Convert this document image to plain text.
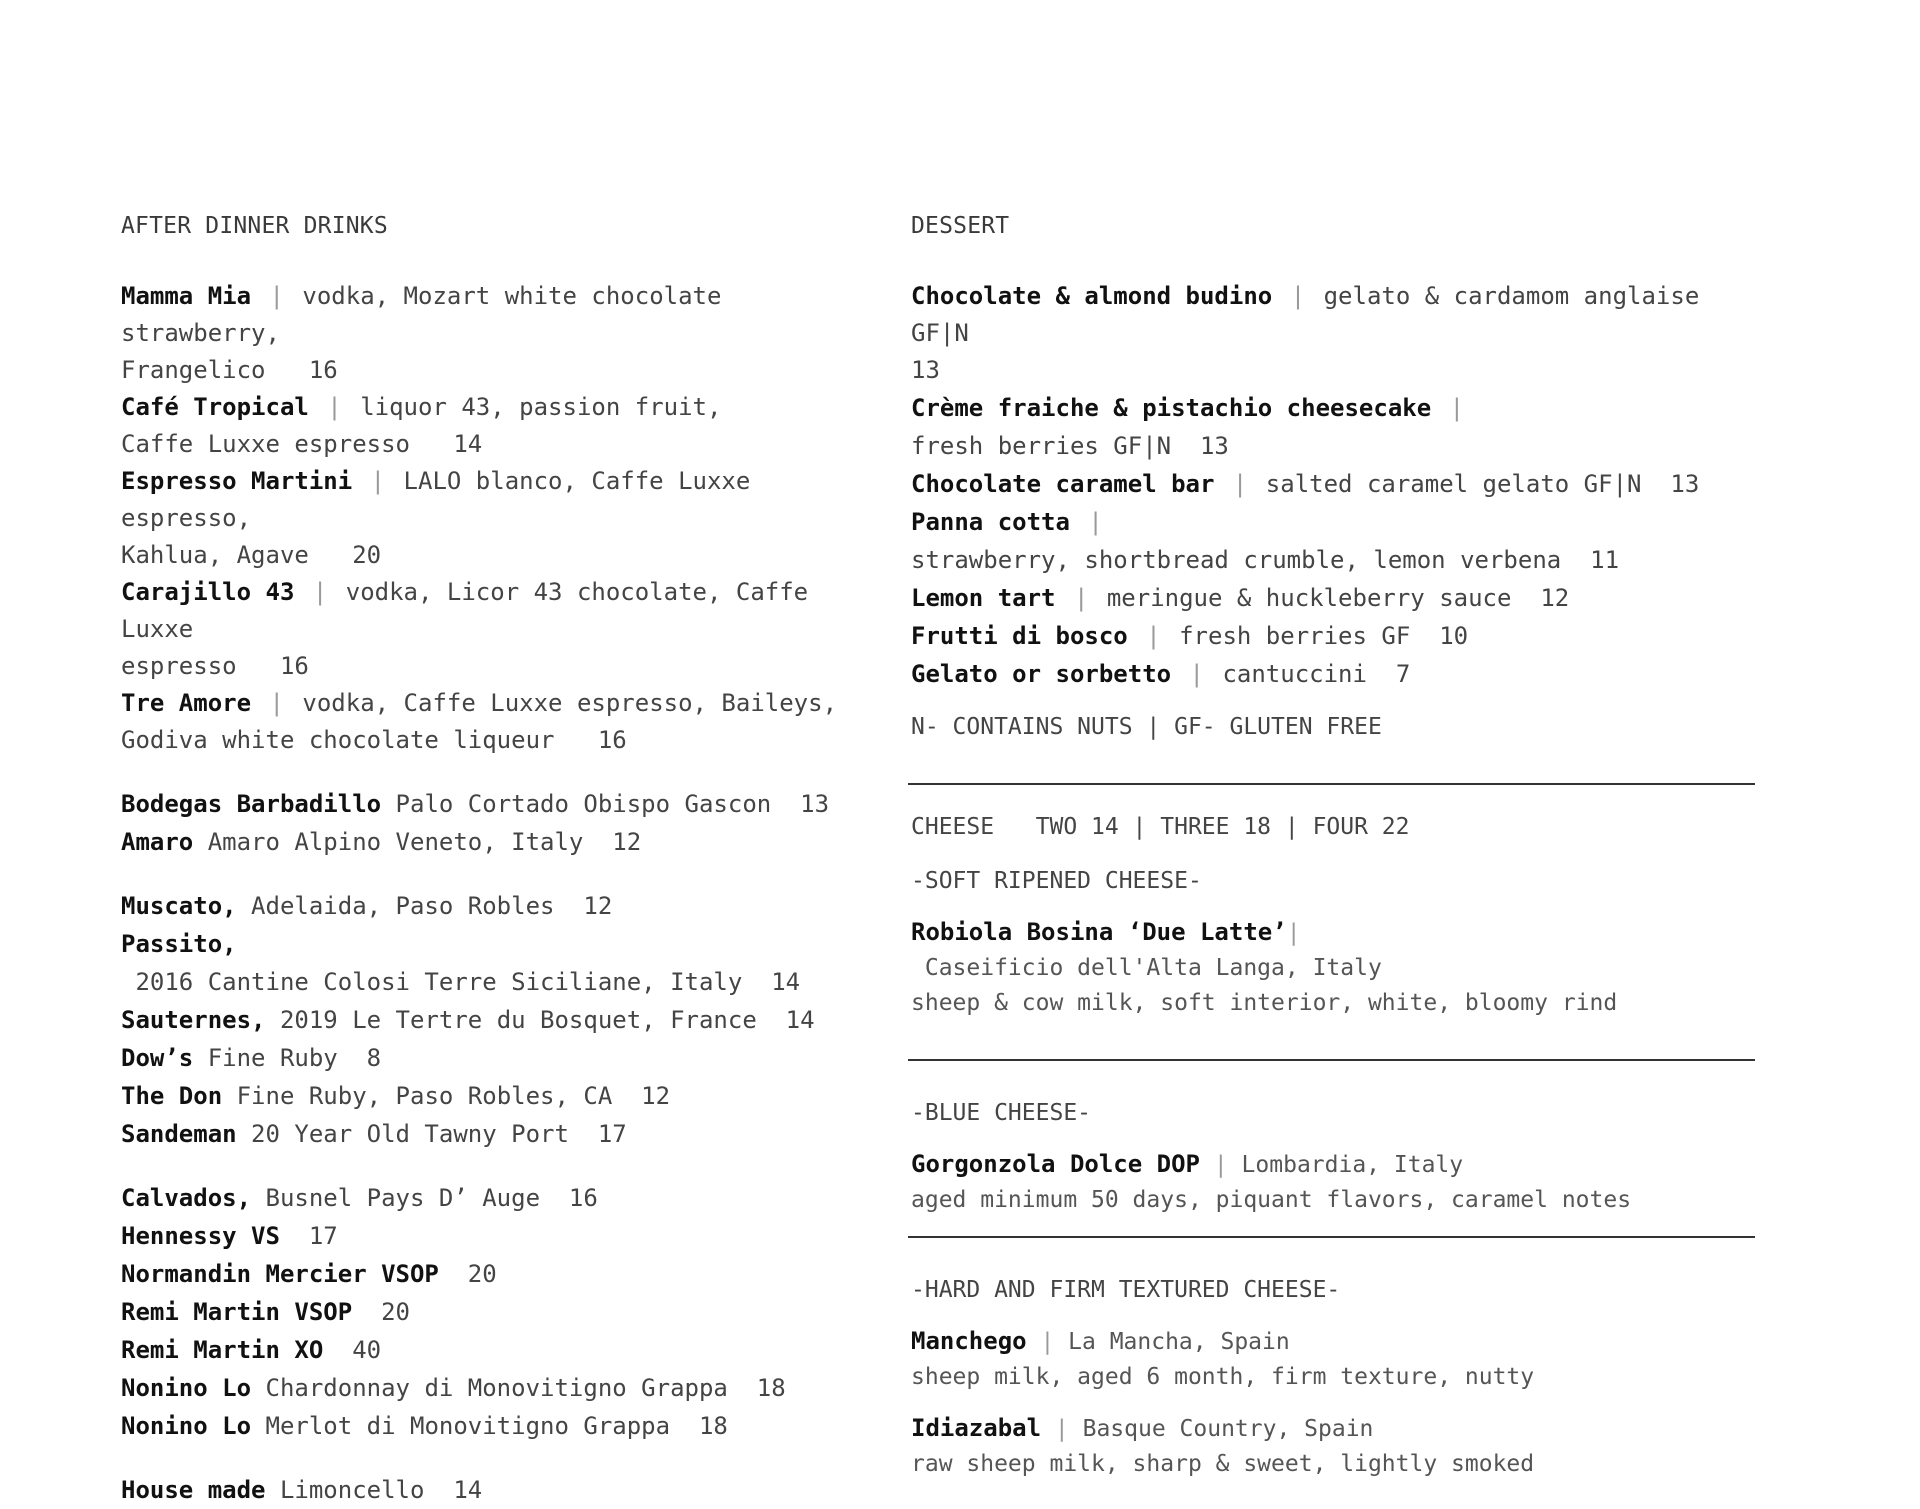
AFTER DINNER DRINKS
Mamma Mia | vodka, Mozart white chocolate strawberry,
Frangelico   16
Café Tropical | liquor 43, passion fruit,
Caffe Luxxe espresso   14
Espresso Martini | LALO blanco, Caffe Luxxe espresso,
Kahlua, Agave   20
Carajillo 43 | vodka, Licor 43 chocolate, Caffe Luxxe
espresso   16
Tre Amore | vodka, Caffe Luxxe espresso, Baileys,
Godiva white chocolate liqueur   16
Bodegas Barbadillo Palo Cortado Obispo Gascon  13
Amaro Amaro Alpino Veneto, Italy  12
Muscato, Adelaida, Paso Robles  12
Passito, 2016 Cantine Colosi Terre Siciliane, Italy  14
Sauternes, 2019 Le Tertre du Bosquet, France  14
Dow’s Fine Ruby  8
The Don Fine Ruby, Paso Robles, CA  12
Sandeman 20 Year Old Tawny Port  17
Calvados, Busnel Pays D’ Auge  16
Hennessy VS  17
Normandin Mercier VSOP  20
Remi Martin VSOP  20
Remi Martin XO  40
Nonino Lo Chardonnay di Monovitigno Grappa  18
Nonino Lo Merlot di Monovitigno Grappa  18
House made Limoncello  14
DESSERT
Chocolate & almond budino | gelato & cardamom anglaise GF|N
13
Crème fraiche & pistachio cheesecake | fresh berries GF|N  13
Chocolate caramel bar | salted caramel gelato GF|N  13
Panna cotta | strawberry, shortbread crumble, lemon verbena  11
Lemon tart | meringue & huckleberry sauce  12
Frutti di bosco | fresh berries GF  10
Gelato or sorbetto | cantuccini  7
N- CONTAINS NUTS | GF- GLUTEN FREE
CHEESE   TWO 14 | THREE 18 | FOUR 22
-SOFT RIPENED CHEESE-
Robiola Bosina ‘Due Latte’| Caseificio dell'Alta Langa, Italy
sheep & cow milk, soft interior, white, bloomy rind
-BLUE CHEESE-
Gorgonzola Dolce DOP | Lombardia, Italy
aged minimum 50 days, piquant flavors, caramel notes
-HARD AND FIRM TEXTURED CHEESE-
Manchego | La Mancha, Spain
sheep milk, aged 6 month, firm texture, nutty
Idiazabal | Basque Country, Spain
raw sheep milk, sharp & sweet, lightly smoked
